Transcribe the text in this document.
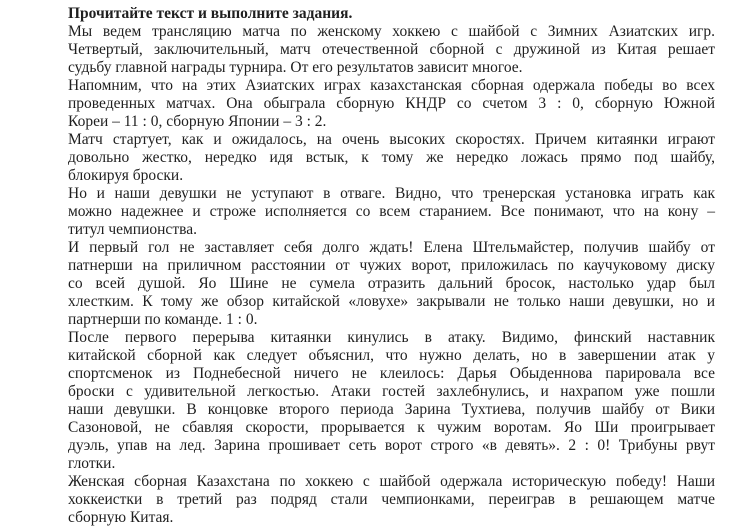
Прочитайте текст и выполните задания.
Мы ведем трансляцию матча по женскому хоккею с шайбой с Зимних Азиатских игр.
Четвертый, заключительный, матч отечественной сборной с дружиной из Китая решает
судьбу главной награды турнира. От его результатов зависит многое.
Напомним, что на этих Азиатских играх казахстанская сборная одержала победы во всех
проведенных матчах. Она обыграла сборную КНДР со счетом 3 : 0, сборную Южной
Кореи – 11 : 0, сборную Японии – 3 : 2.
Матч стартует, как и ожидалось, на очень высоких скоростях. Причем китаянки играют
довольно жестко, нередко идя встык, к тому же нередко ложась прямо под шайбу,
блокируя броски.
Но и наши девушки не уступают в отваге. Видно, что тренерская установка играть как
можно надежнее и строже исполняется со всем старанием. Все понимают, что на кону –
титул чемпионства.
И первый гол не заставляет себя долго ждать! Елена Штельмайстер, получив шайбу от
патнерши на приличном расстоянии от чужих ворот, приложилась по каучуковому диску
со всей душой. Яо Шине не сумела отразить дальний бросок, настолько удар был
хлестким. К тому же обзор китайской «ловухе» закрывали не только наши девушки, но и
партнерши по команде. 1 : 0.
После первого перерыва китаянки кинулись в атаку. Видимо, финский наставник
китайской сборной как следует объяснил, что нужно делать, но в завершении атак у
спортсменок из Поднебесной ничего не клеилось: Дарья Обыденнова парировала все
броски с удивительной легкостью. Атаки гостей захлебнулись, и нахрапом уже пошли
наши девушки. В концовке второго периода Зарина Тухтиева, получив шайбу от Вики
Сазоновой, не сбавляя скорости, прорывается к чужим воротам. Яо Ши проигрывает
дуэль, упав на лед. Зарина прошивает сеть ворот строго «в девять». 2 : 0! Трибуны рвут
глотки.
Женская сборная Казахстана по хоккею с шайбой одержала историческую победу! Наши
хоккеистки в третий раз подряд стали чемпионками, переиграв в решающем матче
сборную Китая.
